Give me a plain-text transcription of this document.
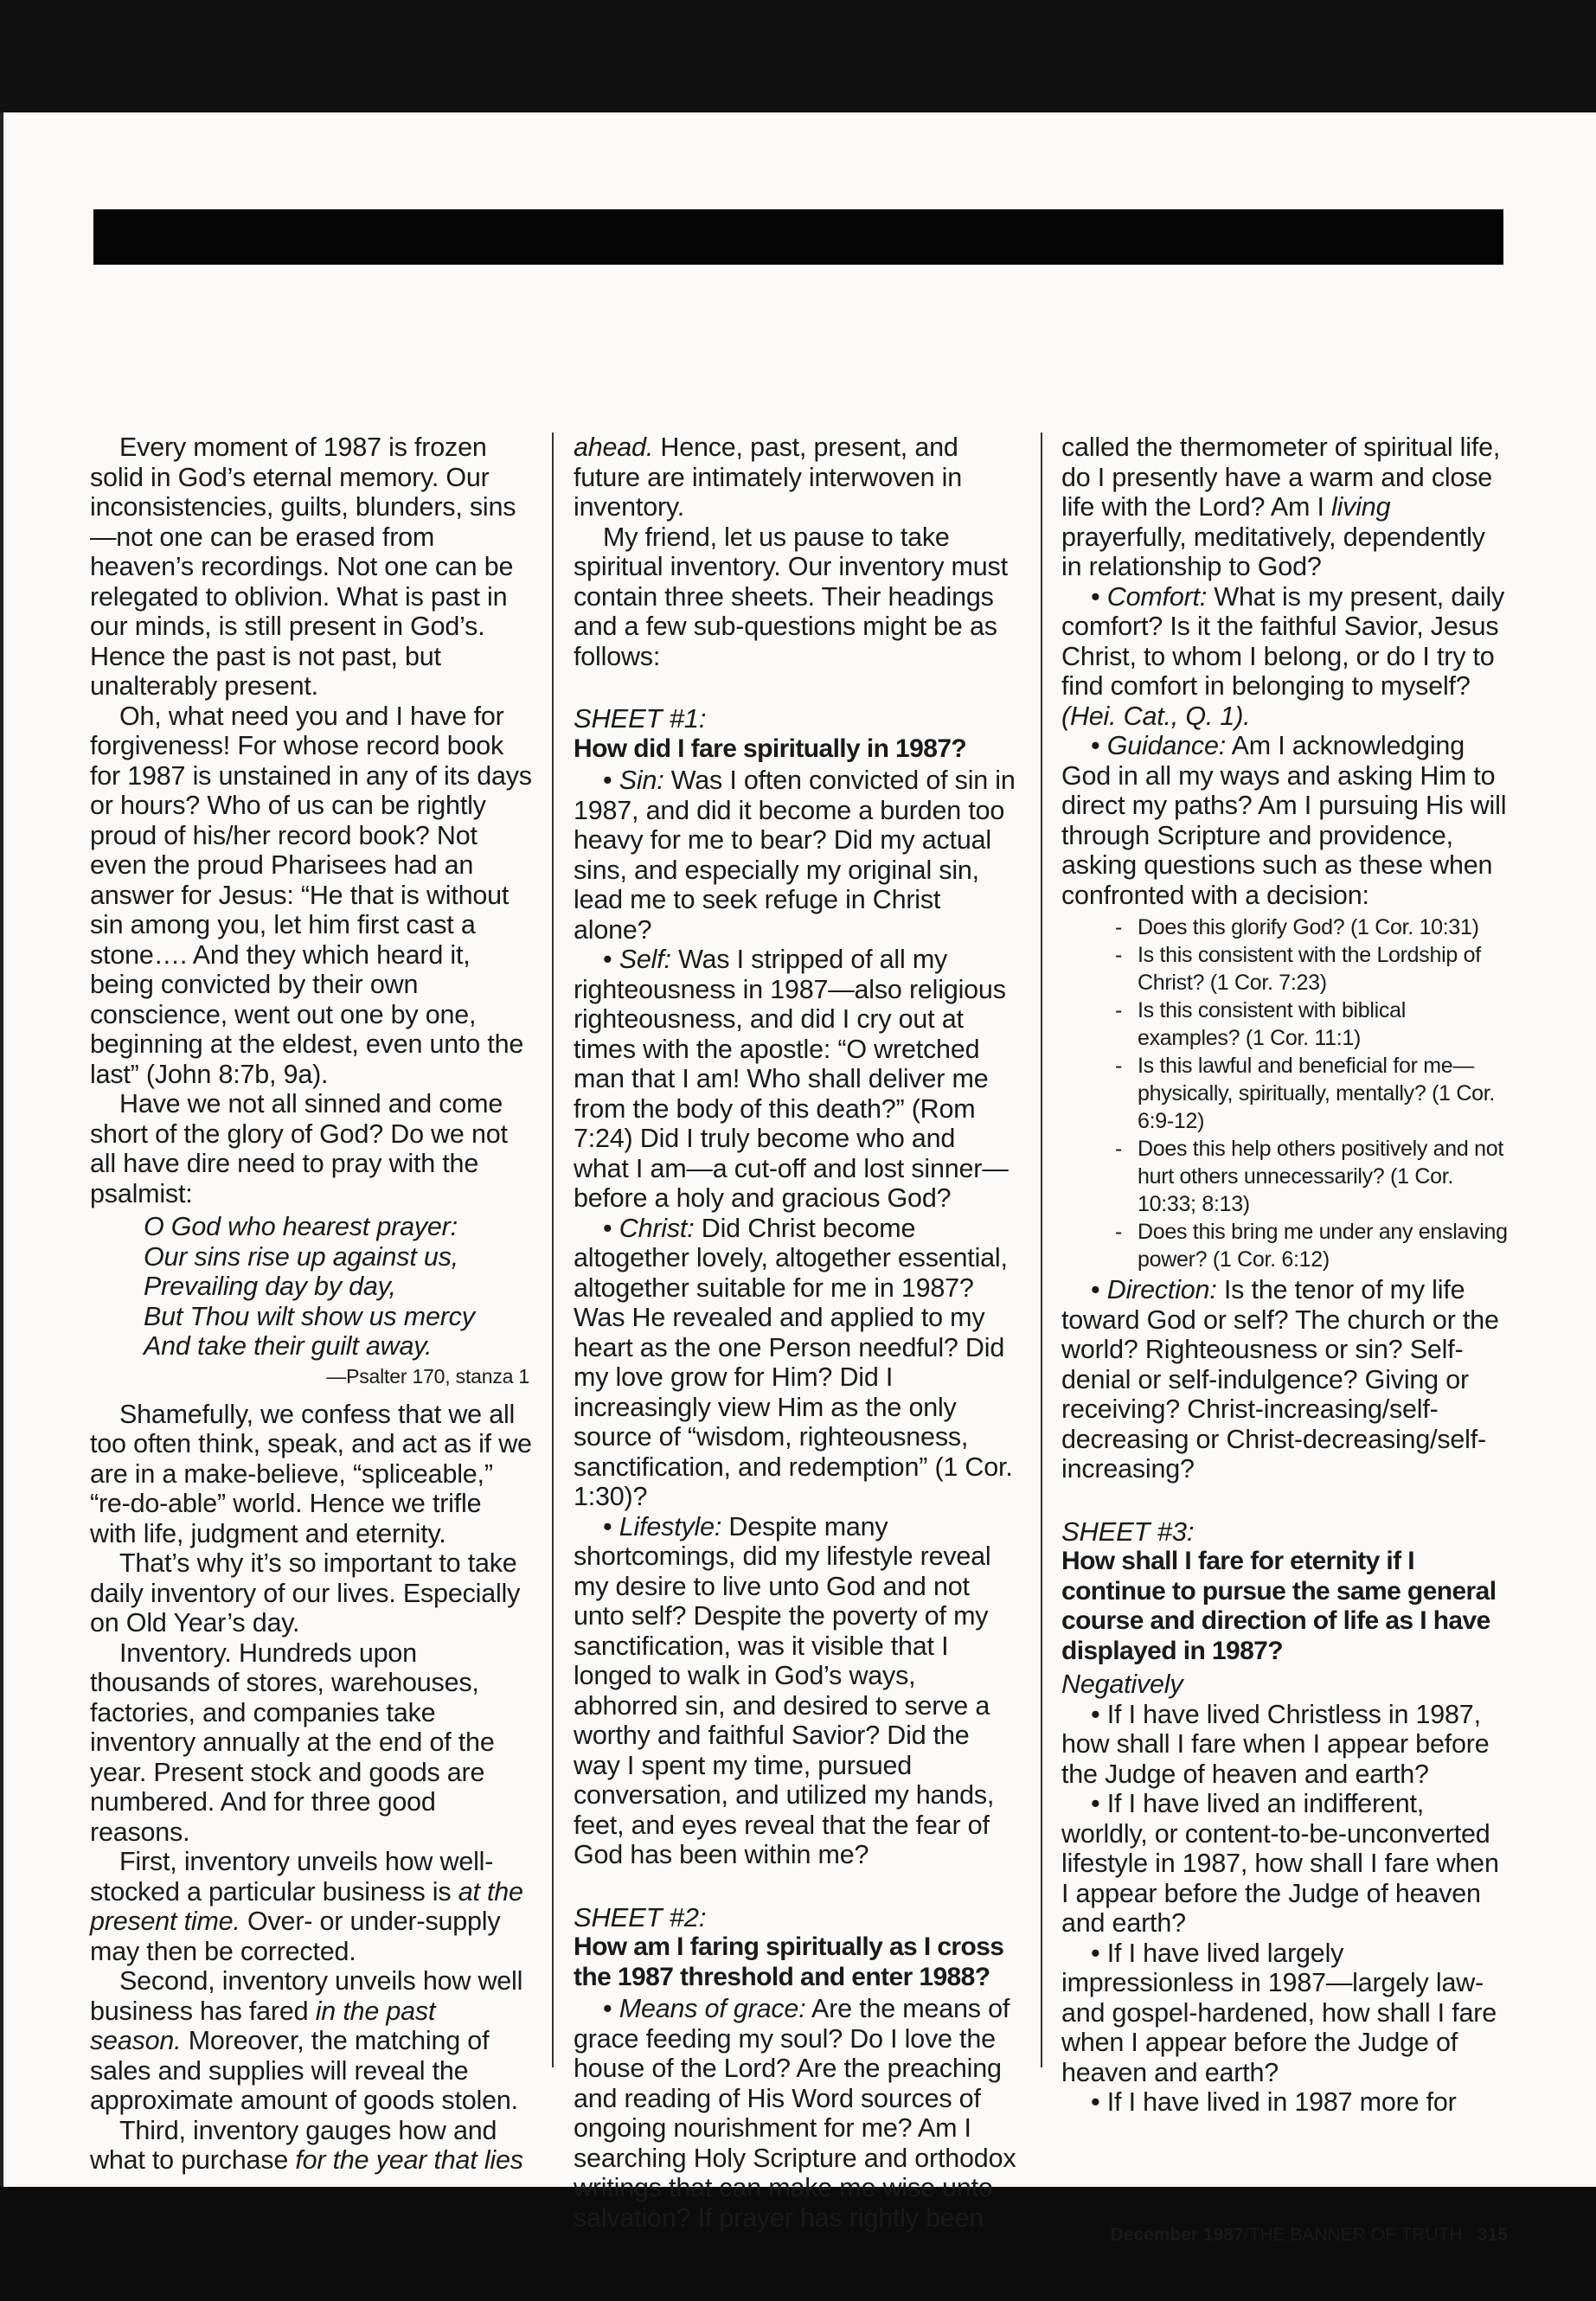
Every moment of 1987 is frozen solid in God’s eternal memory. Our inconsistencies, guilts, blunders, sins—not one can be erased from heaven’s recordings. Not one can be relegated to oblivion. What is past in our minds, is still present in God’s. Hence the past is not past, but unalterably present.

Oh, what need you and I have for forgiveness! For whose record book for 1987 is unstained in any of its days or hours? Who of us can be rightly proud of his/her record book? Not even the proud Pharisees had an answer for Jesus: “He that is without sin among you, let him first cast a stone…. And they which heard it, being convicted by their own conscience, went out one by one, beginning at the eldest, even unto the last” (John 8:7b, 9a).

Have we not all sinned and come short of the glory of God? Do we not all have dire need to pray with the psalmist:

O God who hearest prayer:
Our sins rise up against us,
Prevailing day by day,
But Thou wilt show us mercy
And take their guilt away.
—Psalter 170, stanza 1

Shamefully, we confess that we all too often think, speak, and act as if we are in a make-believe, “spliceable,” “re-do-able” world. Hence we trifle with life, judgment and eternity.

That’s why it’s so important to take daily inventory of our lives. Especially on Old Year’s day.

Inventory. Hundreds upon thousands of stores, warehouses, factories, and companies take inventory annually at the end of the year. Present stock and goods are numbered. And for three good reasons.

First, inventory unveils how well-stocked a particular business is at the present time. Over- or under-supply may then be corrected.

Second, inventory unveils how well business has fared in the past season. Moreover, the matching of sales and supplies will reveal the approximate amount of goods stolen.

Third, inventory gauges how and what to purchase for the year that lies

ahead. Hence, past, present, and future are intimately interwoven in inventory.

My friend, let us pause to take spiritual inventory. Our inventory must contain three sheets. Their headings and a few sub-questions might be as follows:

SHEET #1:

How did I fare spiritually in 1987?

• Sin: Was I often convicted of sin in 1987, and did it become a burden too heavy for me to bear? Did my actual sins, and especially my original sin, lead me to seek refuge in Christ alone?

• Self: Was I stripped of all my righteousness in 1987—also religious righteousness, and did I cry out at times with the apostle: “O wretched man that I am! Who shall deliver me from the body of this death?” (Rom 7:24) Did I truly become who and what I am—a cut-off and lost sinner—before a holy and gracious God?

• Christ: Did Christ become altogether lovely, altogether essential, altogether suitable for me in 1987? Was He revealed and applied to my heart as the one Person needful? Did my love grow for Him? Did I increasingly view Him as the only source of “wisdom, righteousness, sanctification, and redemption” (1 Cor. 1:30)?

• Lifestyle: Despite many shortcomings, did my lifestyle reveal my desire to live unto God and not unto self? Despite the poverty of my sanctification, was it visible that I longed to walk in God’s ways, abhorred sin, and desired to serve a worthy and faithful Savior? Did the way I spent my time, pursued conversation, and utilized my hands, feet, and eyes reveal that the fear of God has been within me?

SHEET #2:

How am I faring spiritually as I cross the 1987 threshold and enter 1988?

• Means of grace: Are the means of grace feeding my soul? Do I love the house of the Lord? Are the preaching and reading of His Word sources of ongoing nourishment for me? Am I searching Holy Scripture and orthodox writings that can make me wise unto salvation? If prayer has rightly been

called the thermometer of spiritual life, do I presently have a warm and close life with the Lord? Am I living prayerfully, meditatively, dependently in relationship to God?

• Comfort: What is my present, daily comfort? Is it the faithful Savior, Jesus Christ, to whom I belong, or do I try to find comfort in belonging to myself? (Hei. Cat., Q. 1).

• Guidance: Am I acknowledging God in all my ways and asking Him to direct my paths? Am I pursuing His will through Scripture and providence, asking questions such as these when confronted with a decision:

- Does this glorify God? (1 Cor. 10:31)
- Is this consistent with the Lordship of Christ? (1 Cor. 7:23)
- Is this consistent with biblical examples? (1 Cor. 11:1)
- Is this lawful and beneficial for me—physically, spiritually, mentally? (1 Cor. 6:9-12)
- Does this help others positively and not hurt others unnecessarily? (1 Cor. 10:33; 8:13)
- Does this bring me under any enslaving power? (1 Cor. 6:12)

• Direction: Is the tenor of my life toward God or self? The church or the world? Righteousness or sin? Self-denial or self-indulgence? Giving or receiving? Christ-increasing/self-decreasing or Christ-decreasing/self-increasing?

SHEET #3:

How shall I fare for eternity if I continue to pursue the same general course and direction of life as I have displayed in 1987?

Negatively

• If I have lived Christless in 1987, how shall I fare when I appear before the Judge of heaven and earth?

• If I have lived an indifferent, worldly, or content-to-be-unconverted lifestyle in 1987, how shall I fare when I appear before the Judge of heaven and earth?

• If I have lived largely impressionless in 1987—largely law- and gospel-hardened, how shall I fare when I appear before the Judge of heaven and earth?

• If I have lived in 1987 more for

December 1987/THE BANNER OF TRUTH 315
